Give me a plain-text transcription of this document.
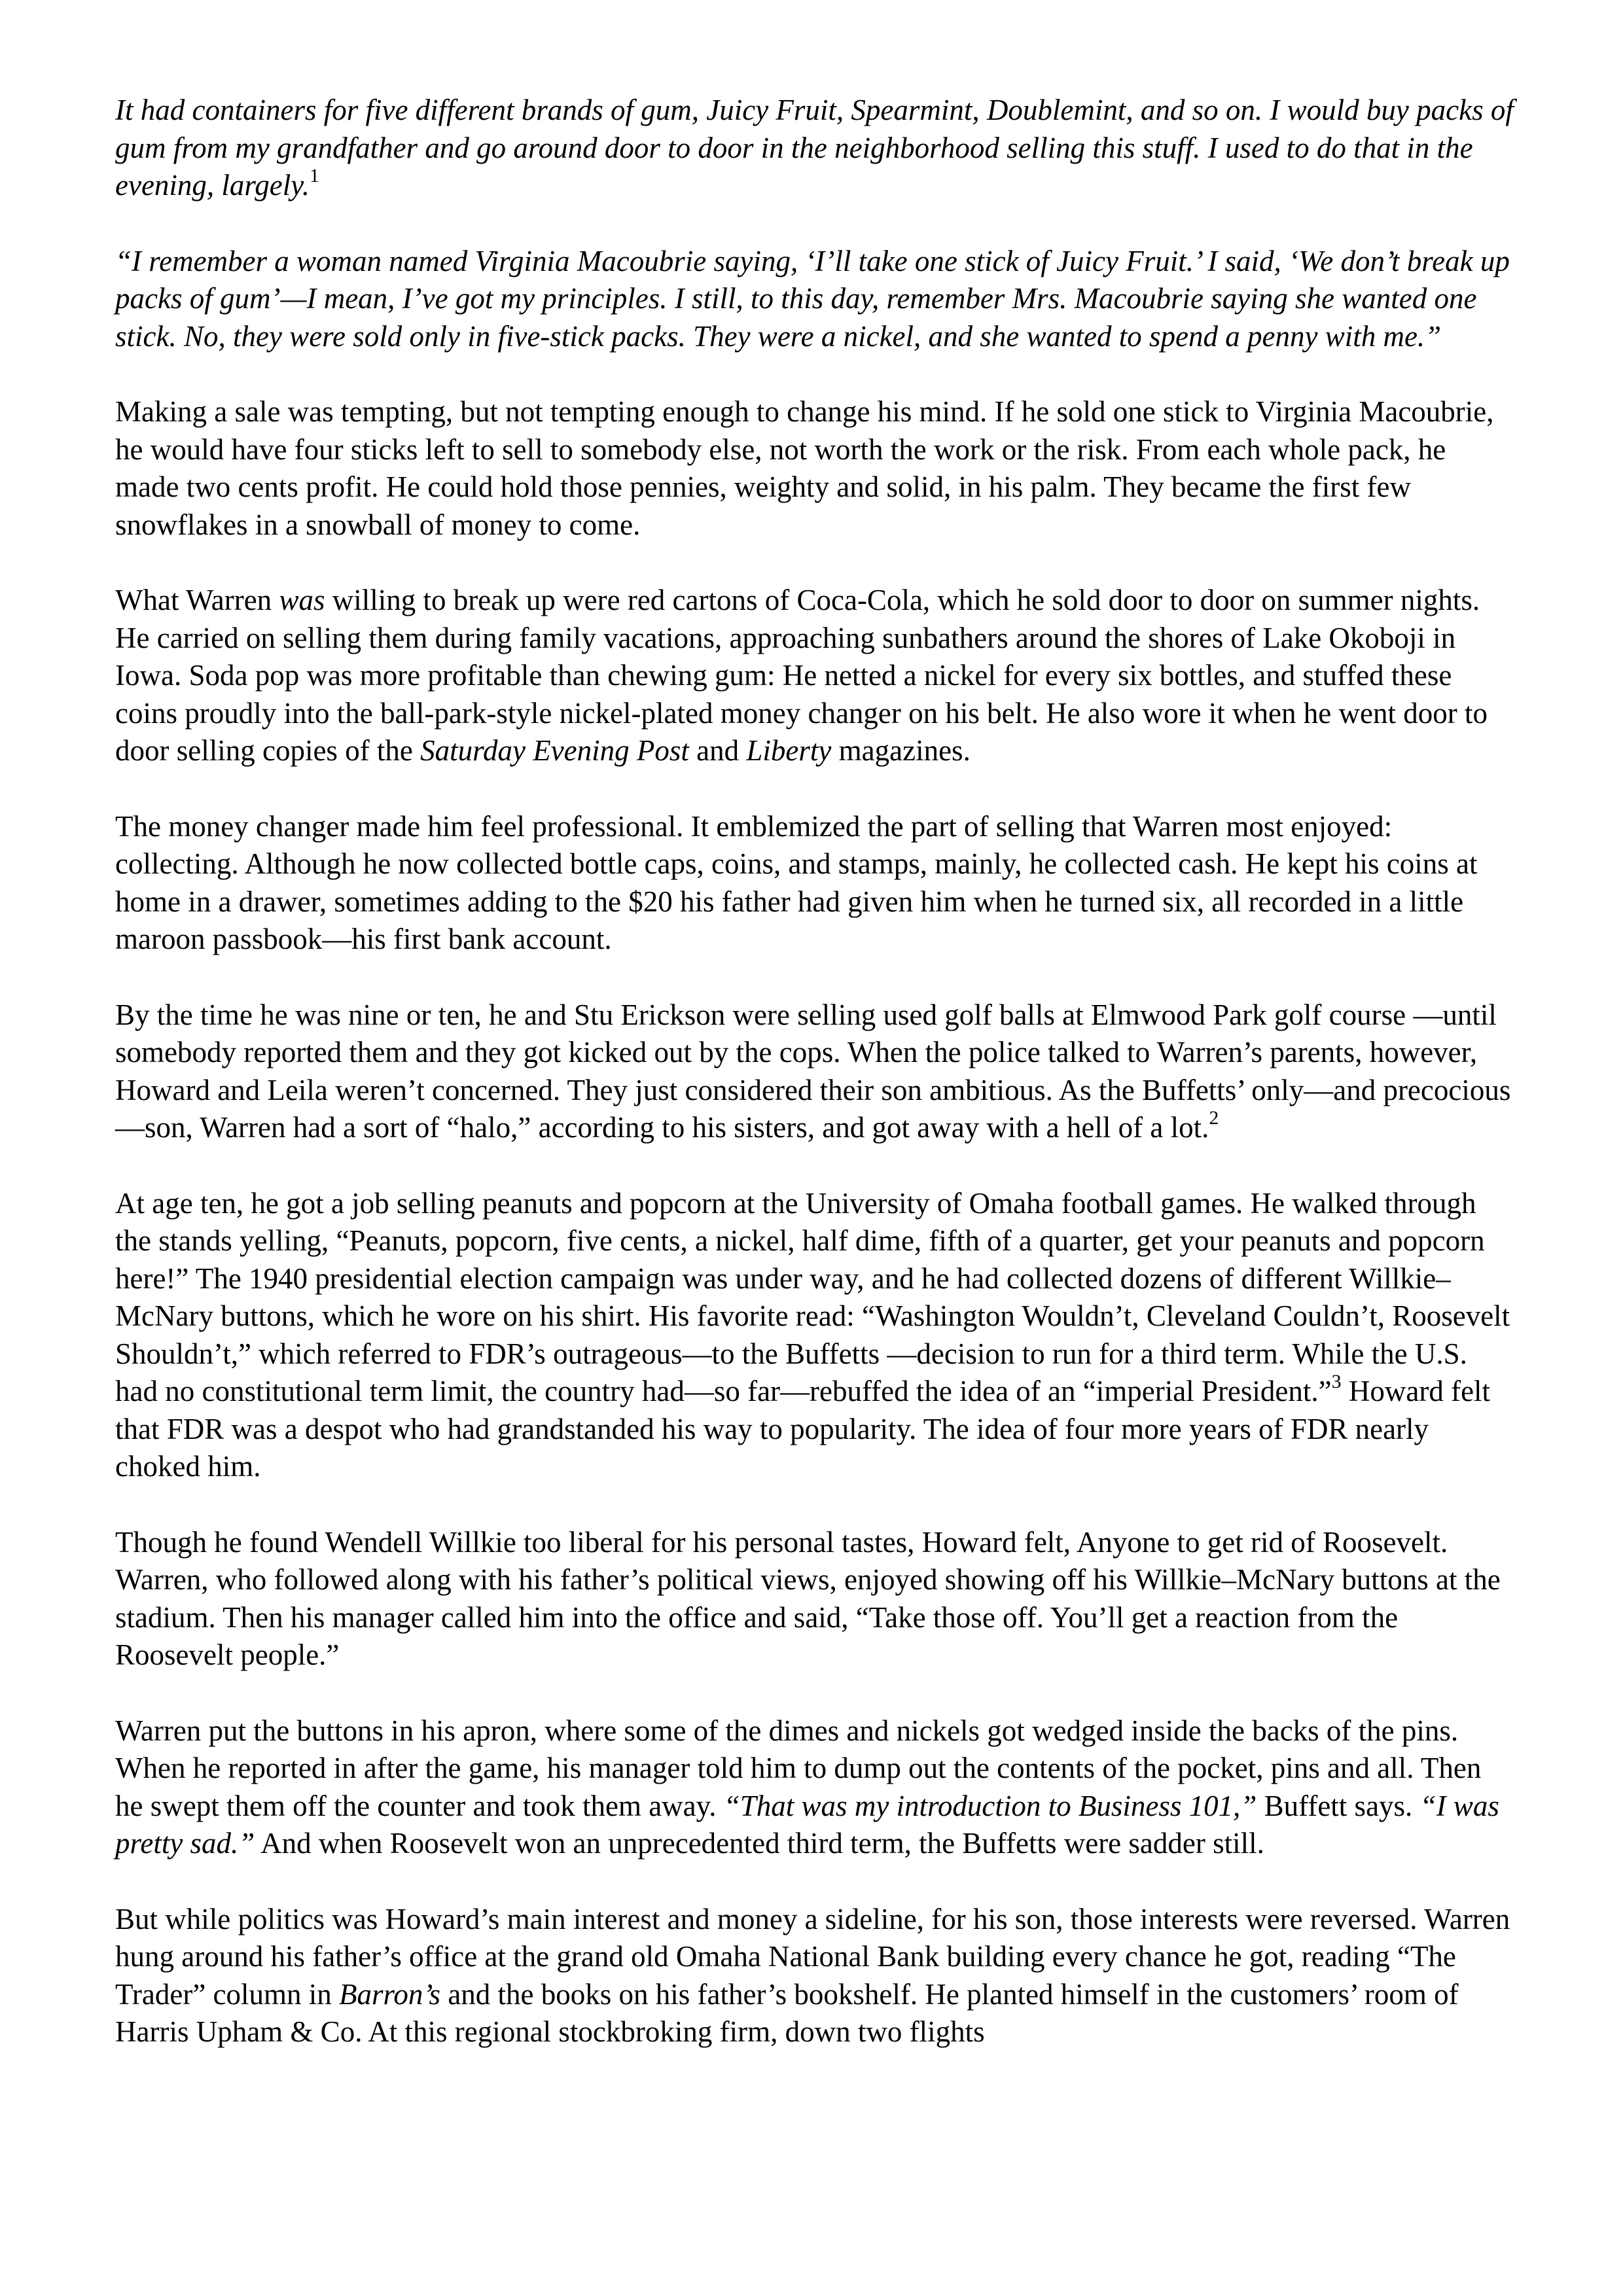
It had containers for five different brands of gum, Juicy Fruit, Spearmint, Doublemint, and so on. I would buy packs of gum from my grandfather and go around door to door in the neighborhood selling this stuff. I used to do that in the evening, largely.$^1$

“I remember a woman named Virginia Macoubrie saying, ‘I’ll take one stick of Juicy Fruit.’ I said, ‘We don’t break up packs of gum’—I mean, I’ve got my principles. I still, to this day, remember Mrs. Macoubrie saying she wanted one stick. No, they were sold only in five-stick packs. They were a nickel, and she wanted to spend a penny with me.”

Making a sale was tempting, but not tempting enough to change his mind. If he sold one stick to Virginia Macoubrie, he would have four sticks left to sell to somebody else, not worth the work or the risk. From each whole pack, he made two cents profit. He could hold those pennies, weighty and solid, in his palm. They became the first few snowflakes in a snowball of money to come.

What Warren was willing to break up were red cartons of Coca-Cola, which he sold door to door on summer nights. He carried on selling them during family vacations, approaching sunbathers around the shores of Lake Okoboji in Iowa. Soda pop was more profitable than chewing gum: He netted a nickel for every six bottles, and stuffed these coins proudly into the ball-park-style nickel-plated money changer on his belt. He also wore it when he went door to door selling copies of the Saturday Evening Post and Liberty magazines.

The money changer made him feel professional. It emblemized the part of selling that Warren most enjoyed: collecting. Although he now collected bottle caps, coins, and stamps, mainly, he collected cash. He kept his coins at home in a drawer, sometimes adding to the $20 his father had given him when he turned six, all recorded in a little maroon passbook—his first bank account.

By the time he was nine or ten, he and Stu Erickson were selling used golf balls at Elmwood Park golf course —until somebody reported them and they got kicked out by the cops. When the police talked to Warren’s parents, however, Howard and Leila weren’t concerned. They just considered their son ambitious. As the Buffetts’ only—and precocious—son, Warren had a sort of “halo,” according to his sisters, and got away with a hell of a lot.$^2$

At age ten, he got a job selling peanuts and popcorn at the University of Omaha football games. He walked through the stands yelling, “Peanuts, popcorn, five cents, a nickel, half dime, fifth of a quarter, get your peanuts and popcorn here!” The 1940 presidential election campaign was under way, and he had collected dozens of different Willkie–McNary buttons, which he wore on his shirt. His favorite read: “Washington Wouldn’t, Cleveland Couldn’t, Roosevelt Shouldn’t,” which referred to FDR’s outrageous—to the Buffetts —decision to run for a third term. While the U.S. had no constitutional term limit, the country had—so far—rebuffed the idea of an “imperial President.”$^3$ Howard felt that FDR was a despot who had grandstanded his way to popularity. The idea of four more years of FDR nearly choked him.

Though he found Wendell Willkie too liberal for his personal tastes, Howard felt, Anyone to get rid of Roosevelt. Warren, who followed along with his father’s political views, enjoyed showing off his Willkie–McNary buttons at the stadium. Then his manager called him into the office and said, “Take those off. You’ll get a reaction from the Roosevelt people.”

Warren put the buttons in his apron, where some of the dimes and nickels got wedged inside the backs of the pins. When he reported in after the game, his manager told him to dump out the contents of the pocket, pins and all. Then he swept them off the counter and took them away. “That was my introduction to Business 101,” Buffett says. “I was pretty sad.” And when Roosevelt won an unprecedented third term, the Buffetts were sadder still.

But while politics was Howard’s main interest and money a sideline, for his son, those interests were reversed. Warren hung around his father’s office at the grand old Omaha National Bank building every chance he got, reading “The Trader” column in Barron’s and the books on his father’s bookshelf. He planted himself in the customers’ room of Harris Upham & Co. At this regional stockbroking firm, down two flights
